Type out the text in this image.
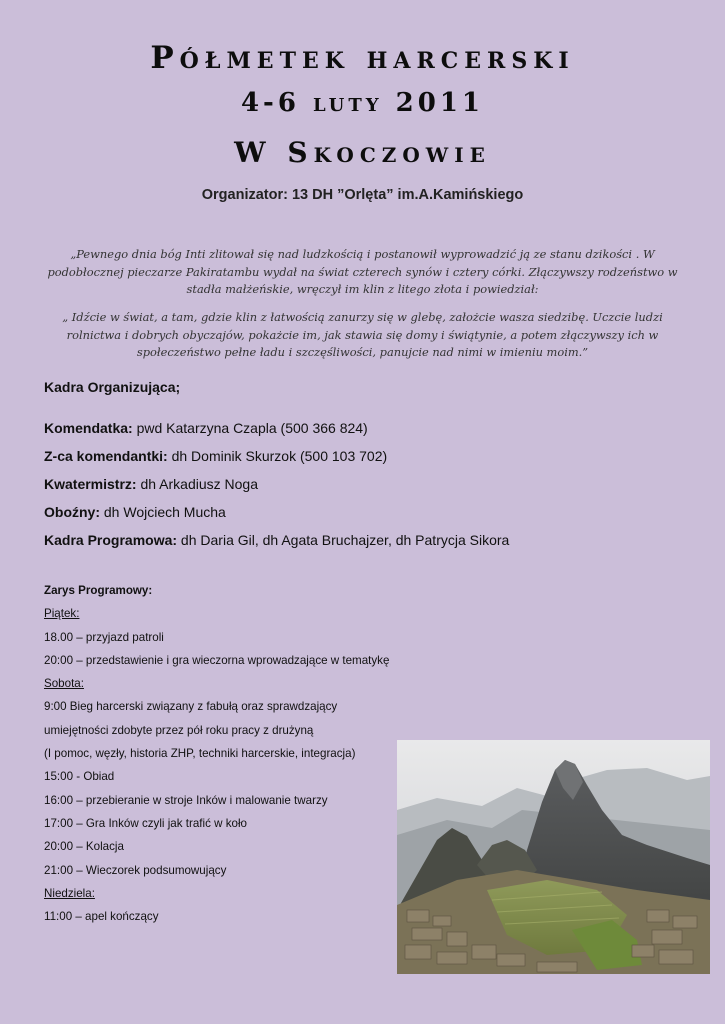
Półmetek harcerski
4-6 luty 2011
W Skoczowie
Organizator: 13 DH ”Orlęta” im.A.Kamińskiego

„Pewnego dnia bóg Inti zlitował się nad ludzkością i postanowił wyprowadzić ją ze stanu dzikości . W podobłocznej pieczarze Pakiratambu wydał na świat czterech synów i cztery córki. Złączywszy rodzeństwo w stadła małżeńskie, wręczył im klin z litego złota i powiedział:

„ Idźcie w świat, a tam, gdzie klin z łatwością zanurzy się w glebę, założcie wasza siedzibę. Uczcie ludzi rolnictwa i dobrych obyczajów, pokażcie im, jak stawia się domy i świątynie, a potem złączywszy ich w społeczeństwo pełne ładu i szczęśliwości, panujcie nad nimi w imieniu moim.”

Kadra Organizująca;
Komendatka: pwd Katarzyna Czapla (500 366 824)
Z-ca komendantki: dh Dominik Skurzok (500 103 702)
Kwatermistrz: dh Arkadiusz Noga
Oboźny: dh Wojciech Mucha
Kadra Programowa: dh Daria Gil, dh Agata Bruchajzer, dh Patrycja Sikora
Zarys Programowy:
Piątek:
18.00 – przyjazd patroli
20:00 – przedstawienie i gra wieczorna wprowadzające w tematykę
Sobota:
9:00 Bieg harcerski związany z fabułą oraz sprawdzający
umiejętności zdobyte przez pół roku pracy z drużyną
(I pomoc, węzły, historia ZHP, techniki harcerskie, integracja)
15:00 - Obiad
16:00 – przebieranie w stroje Inków i malowanie twarzy
17:00 – Gra Inków czyli jak trafić w koło
20:00 – Kolacja
21:00 – Wieczorek podsumowujący
Niedziela:
11:00 – apel kończący
